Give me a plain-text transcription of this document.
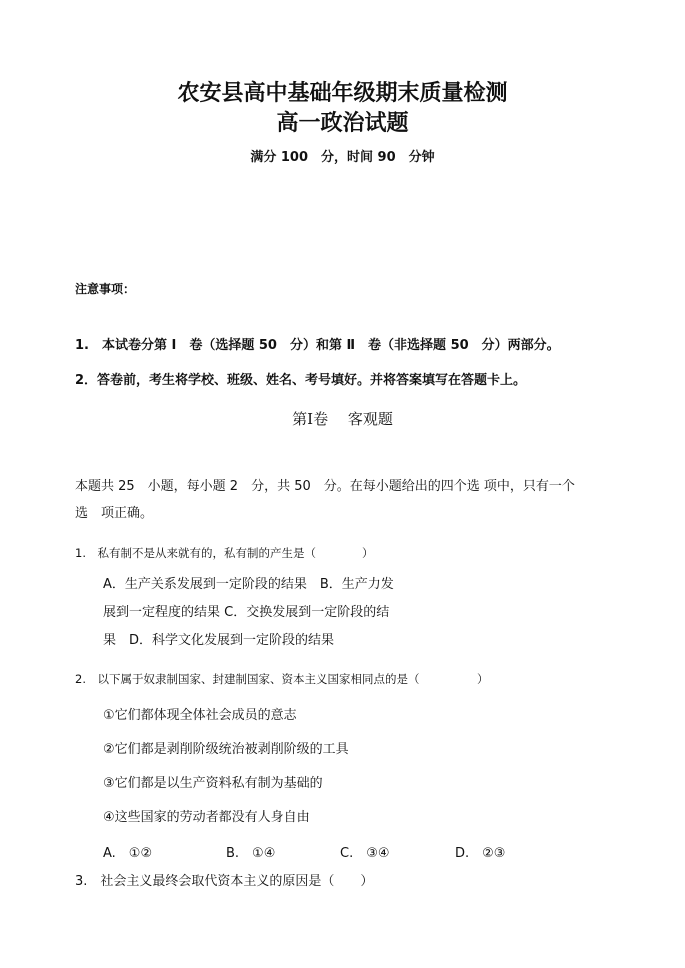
农安县高中基础年级期末质量检测
高一政治试题
满分 100　分，时间 90　分钟
注意事项：
1.　本试卷分第 Ⅰ　卷（选择题 50　分）和第 Ⅱ　卷（非选择题 50　分）两部分。
2．答卷前，考生将学校、班级、姓名、考号填好。并将答案填写在答题卡上。
第Ⅰ卷　 客观题
本题共 25　小题，每小题 2　分，共 50　分。在每小题给出的四个选 项中，只有一个
选　项正确。
1.　私有制不是从来就有的，私有制的产生是（　　　　）
A．生产关系发展到一定阶段的结果　B．生产力发
展到一定程度的结果 C．交换发展到一定阶段的结
果　D．科学文化发展到一定阶段的结果
2.　以下属于奴隶制国家、封建制国家、资本主义国家相同点的是（　　　　　）
①它们都体现全体社会成员的意志
②它们都是剥削阶级统治被剥削阶级的工具
③它们都是以生产资料私有制为基础的
④这些国家的劳动者都没有人身自由
A.　①②	B.　①④	C.　③④	D.　②③
3.　社会主义最终会取代资本主义的原因是（　　）
